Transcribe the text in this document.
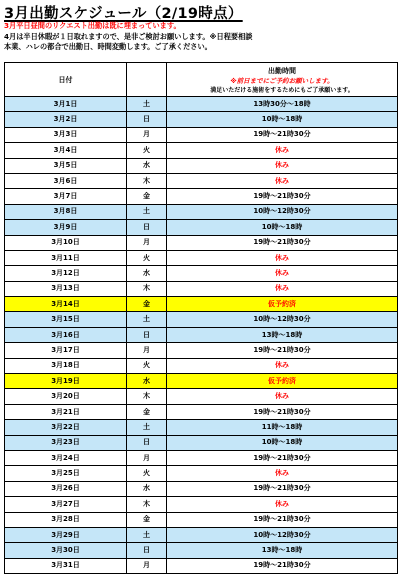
3月出勤スケジュール（2/19時点）
3月平日昼間のリクエスト出勤は既に埋まっています。
4月は半日休暇が１日取れますので、是非ご検討お願いします。※日程要相談
本業、ハレの都合で出勤日、時間変動します。ご了承ください。
日付		出勤時間
※前日までにご予約お願いします。
満足いただける施術をするためにもご了承願います。

3月1日	土	13時30分～18時
3月2日	日	10時～18時
3月3日	月	19時～21時30分
3月4日	火	休み
3月5日	水	休み
3月6日	木	休み
3月7日	金	19時～21時30分
3月8日	土	10時～12時30分
3月9日	日	10時～18時
3月10日	月	19時～21時30分
3月11日	火	休み
3月12日	水	休み
3月13日	木	休み
3月14日	金	仮予約済
3月15日	土	10時～12時30分
3月16日	日	13時～18時
3月17日	月	19時～21時30分
3月18日	火	休み
3月19日	水	仮予約済
3月20日	木	休み
3月21日	金	19時～21時30分
3月22日	土	11時～18時
3月23日	日	10時～18時
3月24日	月	19時～21時30分
3月25日	火	休み
3月26日	水	19時～21時30分
3月27日	木	休み
3月28日	金	19時～21時30分
3月29日	土	10時～12時30分
3月30日	日	13時～18時
3月31日	月	19時～21時30分
